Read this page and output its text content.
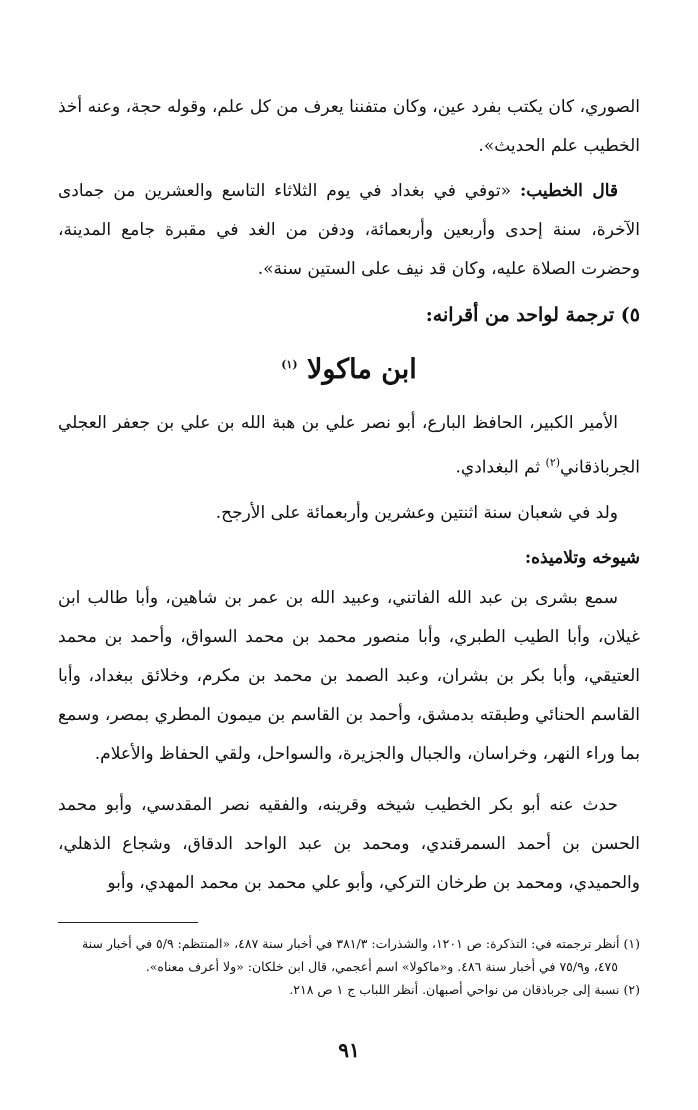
الصوري، كان يكتب بفرد عين، وكان متفننا يعرف من كل علم، وقوله حجة، وعنه أخذ الخطيب علم الحديث».

قال الخطيب: «توفي في بغداد في يوم الثلاثاء التاسع والعشرين من جمادى الآخرة، سنة إحدى وأربعين وأربعمائة، ودفن من الغد في مقبرة جامع المدينة، وحضرت الصلاة عليه، وكان قد نيف على الستين سنة».

٥) ترجمة لواحد من أقرانه:
ابن ماكولا $^{(١)}$

الأمير الكبير، الحافظ البارع، أبو نصر علي بن هبة الله بن علي بن جعفر العجلي الجرباذقاني$^{(٢)}$ ثم البغدادي.

ولد في شعبان سنة اثنتين وعشرين وأربعمائة على الأرجح.

شيوخه وتلاميذه:

سمع بشرى بن عبد الله الفاتني، وعبيد الله بن عمر بن شاهين، وأبا طالب ابن غيلان، وأبا الطيب الطبري، وأبا منصور محمد بن محمد السواق، وأحمد بن محمد العتيقي، وأبا بكر بن بشران، وعبد الصمد بن محمد بن مكرم، وخلائق ببغداد، وأبا القاسم الحنائي وطبقته بدمشق، وأحمد بن القاسم بن ميمون المطري بمصر، وسمع بما وراء النهر، وخراسان، والجبال والجزيرة، والسواحل، ولقي الحفاظ والأعلام.

حدث عنه أبو بكر الخطيب شيخه وقرينه، والفقيه نصر المقدسي، وأبو محمد الحسن بن أحمد السمرقندي، ومحمد بن عبد الواحد الدقاق، وشجاع الذهلي، والحميدي، ومحمد بن طرخان التركي، وأبو علي محمد بن محمد المهدي، وأبو

(١) أنظر ترجمته في: التذكرة: ص ١٢٠١، والشذرات: ٣٨١/٣ في أخبار سنة ٤٨٧، «المنتظم: ٥/٩ في أخبار سنة

٤٧٥، و٧٥/٩ في أخبار سنة ٤٨٦. و«ماكولا» اسم أعجمي، قال ابن خلكان: «ولا أعرف معناه».

(٢) نسبة إلى جرباذقان من نواحي أصبهان. أنظر اللباب ج ١ ص ٢١٨.

٩١
